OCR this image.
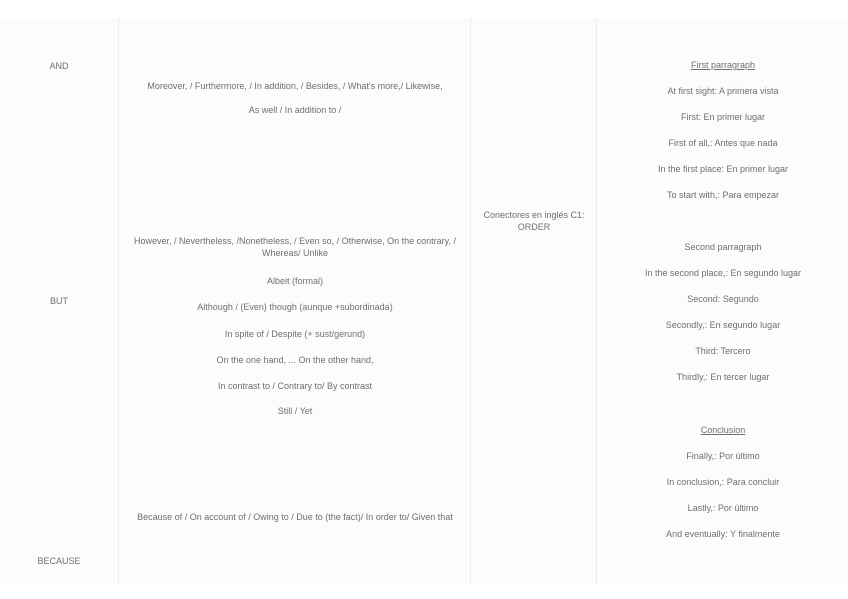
AND
BUT
BECAUSE
Moreover, / Furthermore, / In addition, / Besides, / What's more,/ Likewise,
As well / In addition to /
However, / Nevertheless, /Nonetheless, / Even so, / Otherwise, On the contrary, / Whereas/ Unlike
Albeit (formal)
Although / (Even) though (aunque +subordinada)
In spite of / Despite (+ sust/gerund)
On the one hand, ... On the other hand,
In contrast to / Contrary to/ By contrast
Still / Yet
Because of / On account of / Owing to / Due to (the fact)/ In order to/ Given that
Conectores en inglés C1: ORDER
First parragraph
At first sight: A primera vista
First: En primer lugar
First of all,: Antes que nada
In the first place: En primer lugar
To start with,: Para empezar
Second parragraph
In the second place,: En segundo lugar
Second: Segundo
Secondly,: En segundo lugar
Third: Tercero
Thirdly,: En tercer lugar
Conclusion
Finally,: Por último
In conclusion,: Para concluir
Lastly,: Por último
And eventually: Y finalmente
